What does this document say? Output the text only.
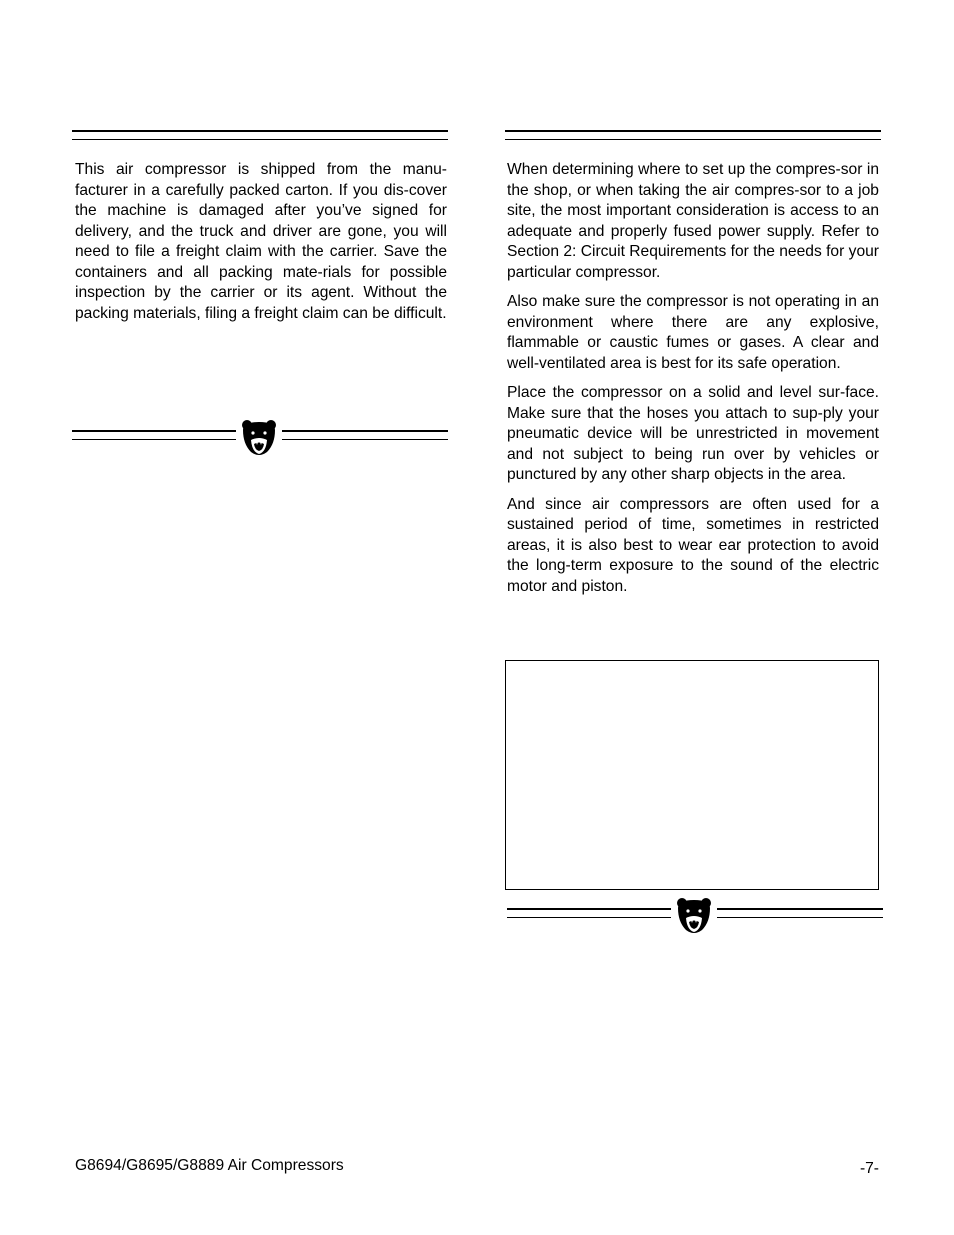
This air compressor is shipped from the manu-facturer in a carefully packed carton. If you dis-cover the machine is damaged after you’ve signed for delivery, and the truck and driver are gone, you will need to file a freight claim with the carrier. Save the containers and all packing mate-rials for possible inspection by the carrier or its agent. Without the packing materials, filing a freight claim can be difficult.

When determining where to set up the compres-sor in the shop, or when taking the air compres-sor to a job site, the most important consideration is access to an adequate and properly fused power supply. Refer to Section 2: Circuit Requirements for the needs for your particular compressor.

Also make sure the compressor is not operating in an environment where there are any explosive, flammable or caustic fumes or gases. A clear and well-ventilated area is best for its safe operation.

Place the compressor on a solid and level sur-face. Make sure that the hoses you attach to sup-ply your pneumatic device will be unrestricted in movement and not subject to being run over by vehicles or punctured by any other sharp objects in the area.

And since air compressors are often used for a sustained period of time, sometimes in restricted areas, it is also best to wear ear protection to avoid the long-term exposure to the sound of the electric motor and piston.

G8694/G8695/G8889 Air Compressors	-7-
